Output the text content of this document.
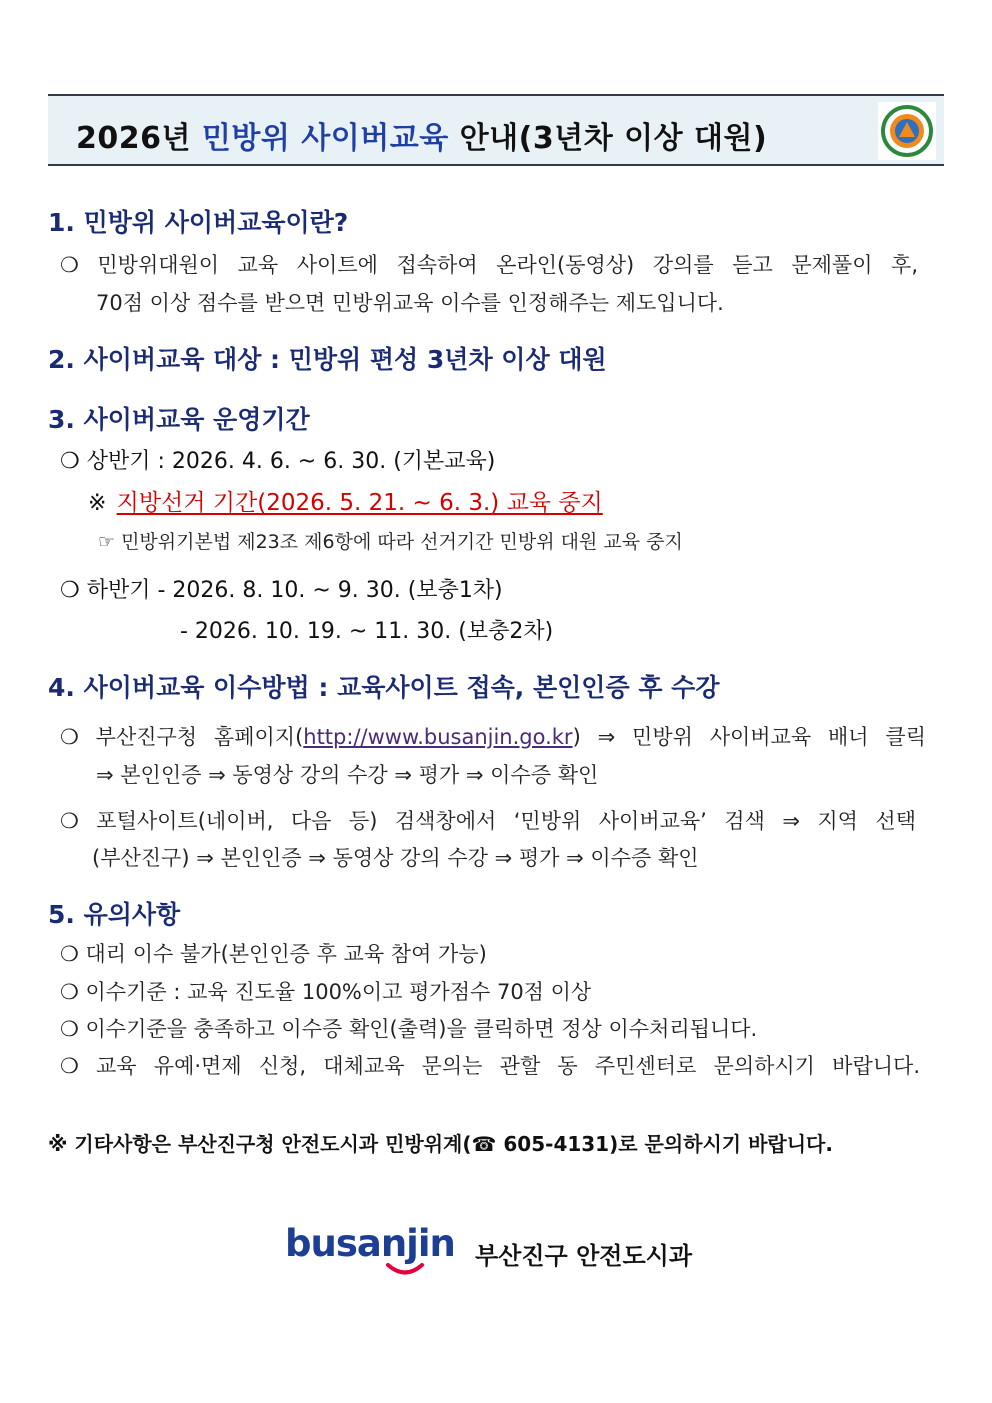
2026년 민방위 사이버교육 안내(3년차 이상 대원)
1. 민방위 사이버교육이란?
❍ 민방위대원이 교육 사이트에 접속하여 온라인(동영상) 강의를 듣고 문제풀이 후,
70점 이상 점수를 받으면 민방위교육 이수를 인정해주는 제도입니다.
2. 사이버교육 대상 : 민방위 편성 3년차 이상 대원
3. 사이버교육 운영기간
❍ 상반기 : 2026. 4. 6. ~ 6. 30. (기본교육)
※ 지방선거 기간(2026. 5. 21. ~ 6. 3.) 교육 중지
☞ 민방위기본법 제23조 제6항에 따라 선거기간 민방위 대원 교육 중지
❍ 하반기 - 2026. 8. 10. ~ 9. 30. (보충1차)
- 2026. 10. 19. ~ 11. 30. (보충2차)
4. 사이버교육 이수방법 : 교육사이트 접속, 본인인증 후 수강
❍ 부산진구청 홈페이지(http://www.busanjin.go.kr) ⇒ 민방위 사이버교육 배너 클릭
⇒ 본인인증 ⇒ 동영상 강의 수강 ⇒ 평가 ⇒ 이수증 확인
❍ 포털사이트(네이버, 다음 등) 검색창에서 ‘민방위 사이버교육’ 검색 ⇒ 지역 선택
(부산진구) ⇒ 본인인증 ⇒ 동영상 강의 수강 ⇒ 평가 ⇒ 이수증 확인
5. 유의사항
❍ 대리 이수 불가(본인인증 후 교육 참여 가능)
❍ 이수기준 : 교육 진도율 100%이고 평가점수 70점 이상
❍ 이수기준을 충족하고 이수증 확인(출력)을 클릭하면 정상 이수처리됩니다.
❍ 교육 유예·면제 신청, 대체교육 문의는 관할 동 주민센터로 문의하시기 바랍니다.
※ 기타사항은 부산진구청 안전도시과 민방위계(☎ 605-4131)로 문의하시기 바랍니다.
busanjin 부산진구 안전도시과
